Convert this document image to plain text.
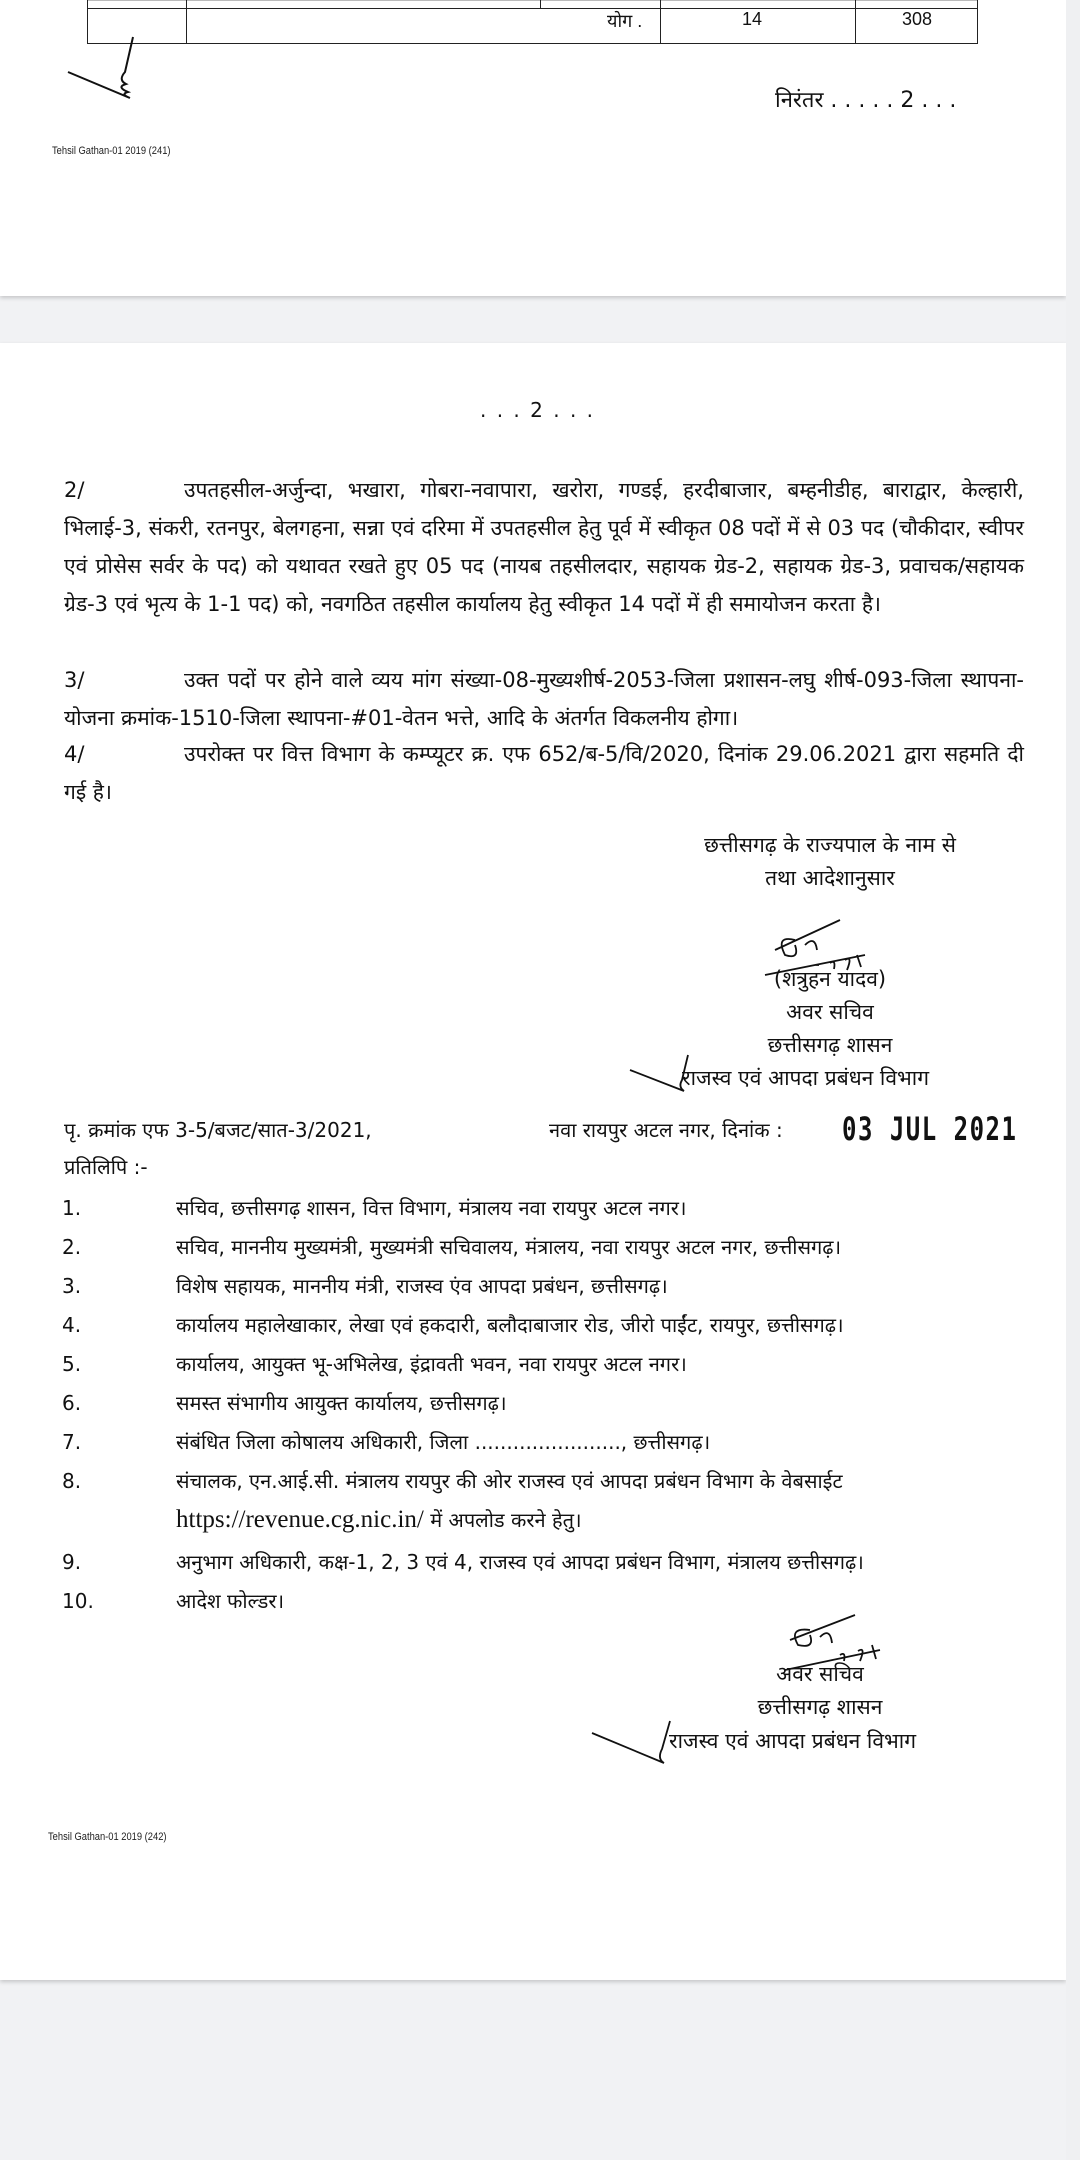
योग .	14	308
निरंतर . . . . . 2 . . .
Tehsil Gathan-01 2019 (241)
. . . 2 . . .
2/	उपतहसील-अर्जुन्दा, भखारा, गोबरा-नवापारा, खरोरा, गण्डई, हरदीबाजार, बम्हनीडीह, बाराद्वार, केल्हारी, भिलाई-3, संकरी, रतनपुर, बेलगहना, सन्ना एवं दरिमा में उपतहसील हेतु पूर्व में स्वीकृत 08 पदों में से 03 पद (चौकीदार, स्वीपर एवं प्रोसेस सर्वर के पद) को यथावत रखते हुए 05 पद (नायब तहसीलदार, सहायक ग्रेड-2, सहायक ग्रेड-3, प्रवाचक/सहायक ग्रेड-3 एवं भृत्य के 1-1 पद) को, नवगठित तहसील कार्यालय हेतु स्वीकृत 14 पदों में ही समायोजन करता है।
3/	उक्त पदों पर होने वाले व्यय मांग संख्या-08-मुख्यशीर्ष-2053-जिला प्रशासन-लघु शीर्ष-093-जिला स्थापना-योजना क्रमांक-1510-जिला स्थापना-#01-वेतन भत्ते, आदि के अंतर्गत विकलनीय होगा।
4/	उपरोक्त पर वित्त विभाग के कम्प्यूटर क्र. एफ 652/ब-5/वि/2020, दिनांक 29.06.2021 द्वारा सहमति दी गई है।
छत्तीसगढ़ के राज्यपाल के नाम से
तथा आदेशानुसार
(शत्रुहन यादव)
अवर सचिव
छत्तीसगढ़ शासन
राजस्व एवं आपदा प्रबंधन विभाग
पृ. क्रमांक एफ 3-5/बजट/सात-3/2021,	नवा रायपुर अटल नगर, दिनांक : 03 JUL 2021
प्रतिलिपि :-
1.	सचिव, छत्तीसगढ़ शासन, वित्त विभाग, मंत्रालय नवा रायपुर अटल नगर।
2.	सचिव, माननीय मुख्यमंत्री, मुख्यमंत्री सचिवालय, मंत्रालय, नवा रायपुर अटल नगर, छत्तीसगढ़।
3.	विशेष सहायक, माननीय मंत्री, राजस्व एंव आपदा प्रबंधन, छत्तीसगढ़।
4.	कार्यालय महालेखाकार, लेखा एवं हकदारी, बलौदाबाजार रोड, जीरो पाईंट, रायपुर, छत्तीसगढ़।
5.	कार्यालय, आयुक्त भू-अभिलेख, इंद्रावती भवन, नवा रायपुर अटल नगर।
6.	समस्त संभागीय आयुक्त कार्यालय, छत्तीसगढ़।
7.	संबंधित जिला कोषालय अधिकारी, जिला ......................., छत्तीसगढ़।
8.	संचालक, एन.आई.सी. मंत्रालय रायपुर की ओर राजस्व एवं आपदा प्रबंधन विभाग के वेबसाईट
https://revenue.cg.nic.in/ में अपलोड करने हेतु।
9.	अनुभाग अधिकारी, कक्ष-1, 2, 3 एवं 4, राजस्व एवं आपदा प्रबंधन विभाग, मंत्रालय छत्तीसगढ़।
10.	आदेश फोल्डर।
अवर सचिव
छत्तीसगढ़ शासन
राजस्व एवं आपदा प्रबंधन विभाग
Tehsil Gathan-01 2019 (242)
